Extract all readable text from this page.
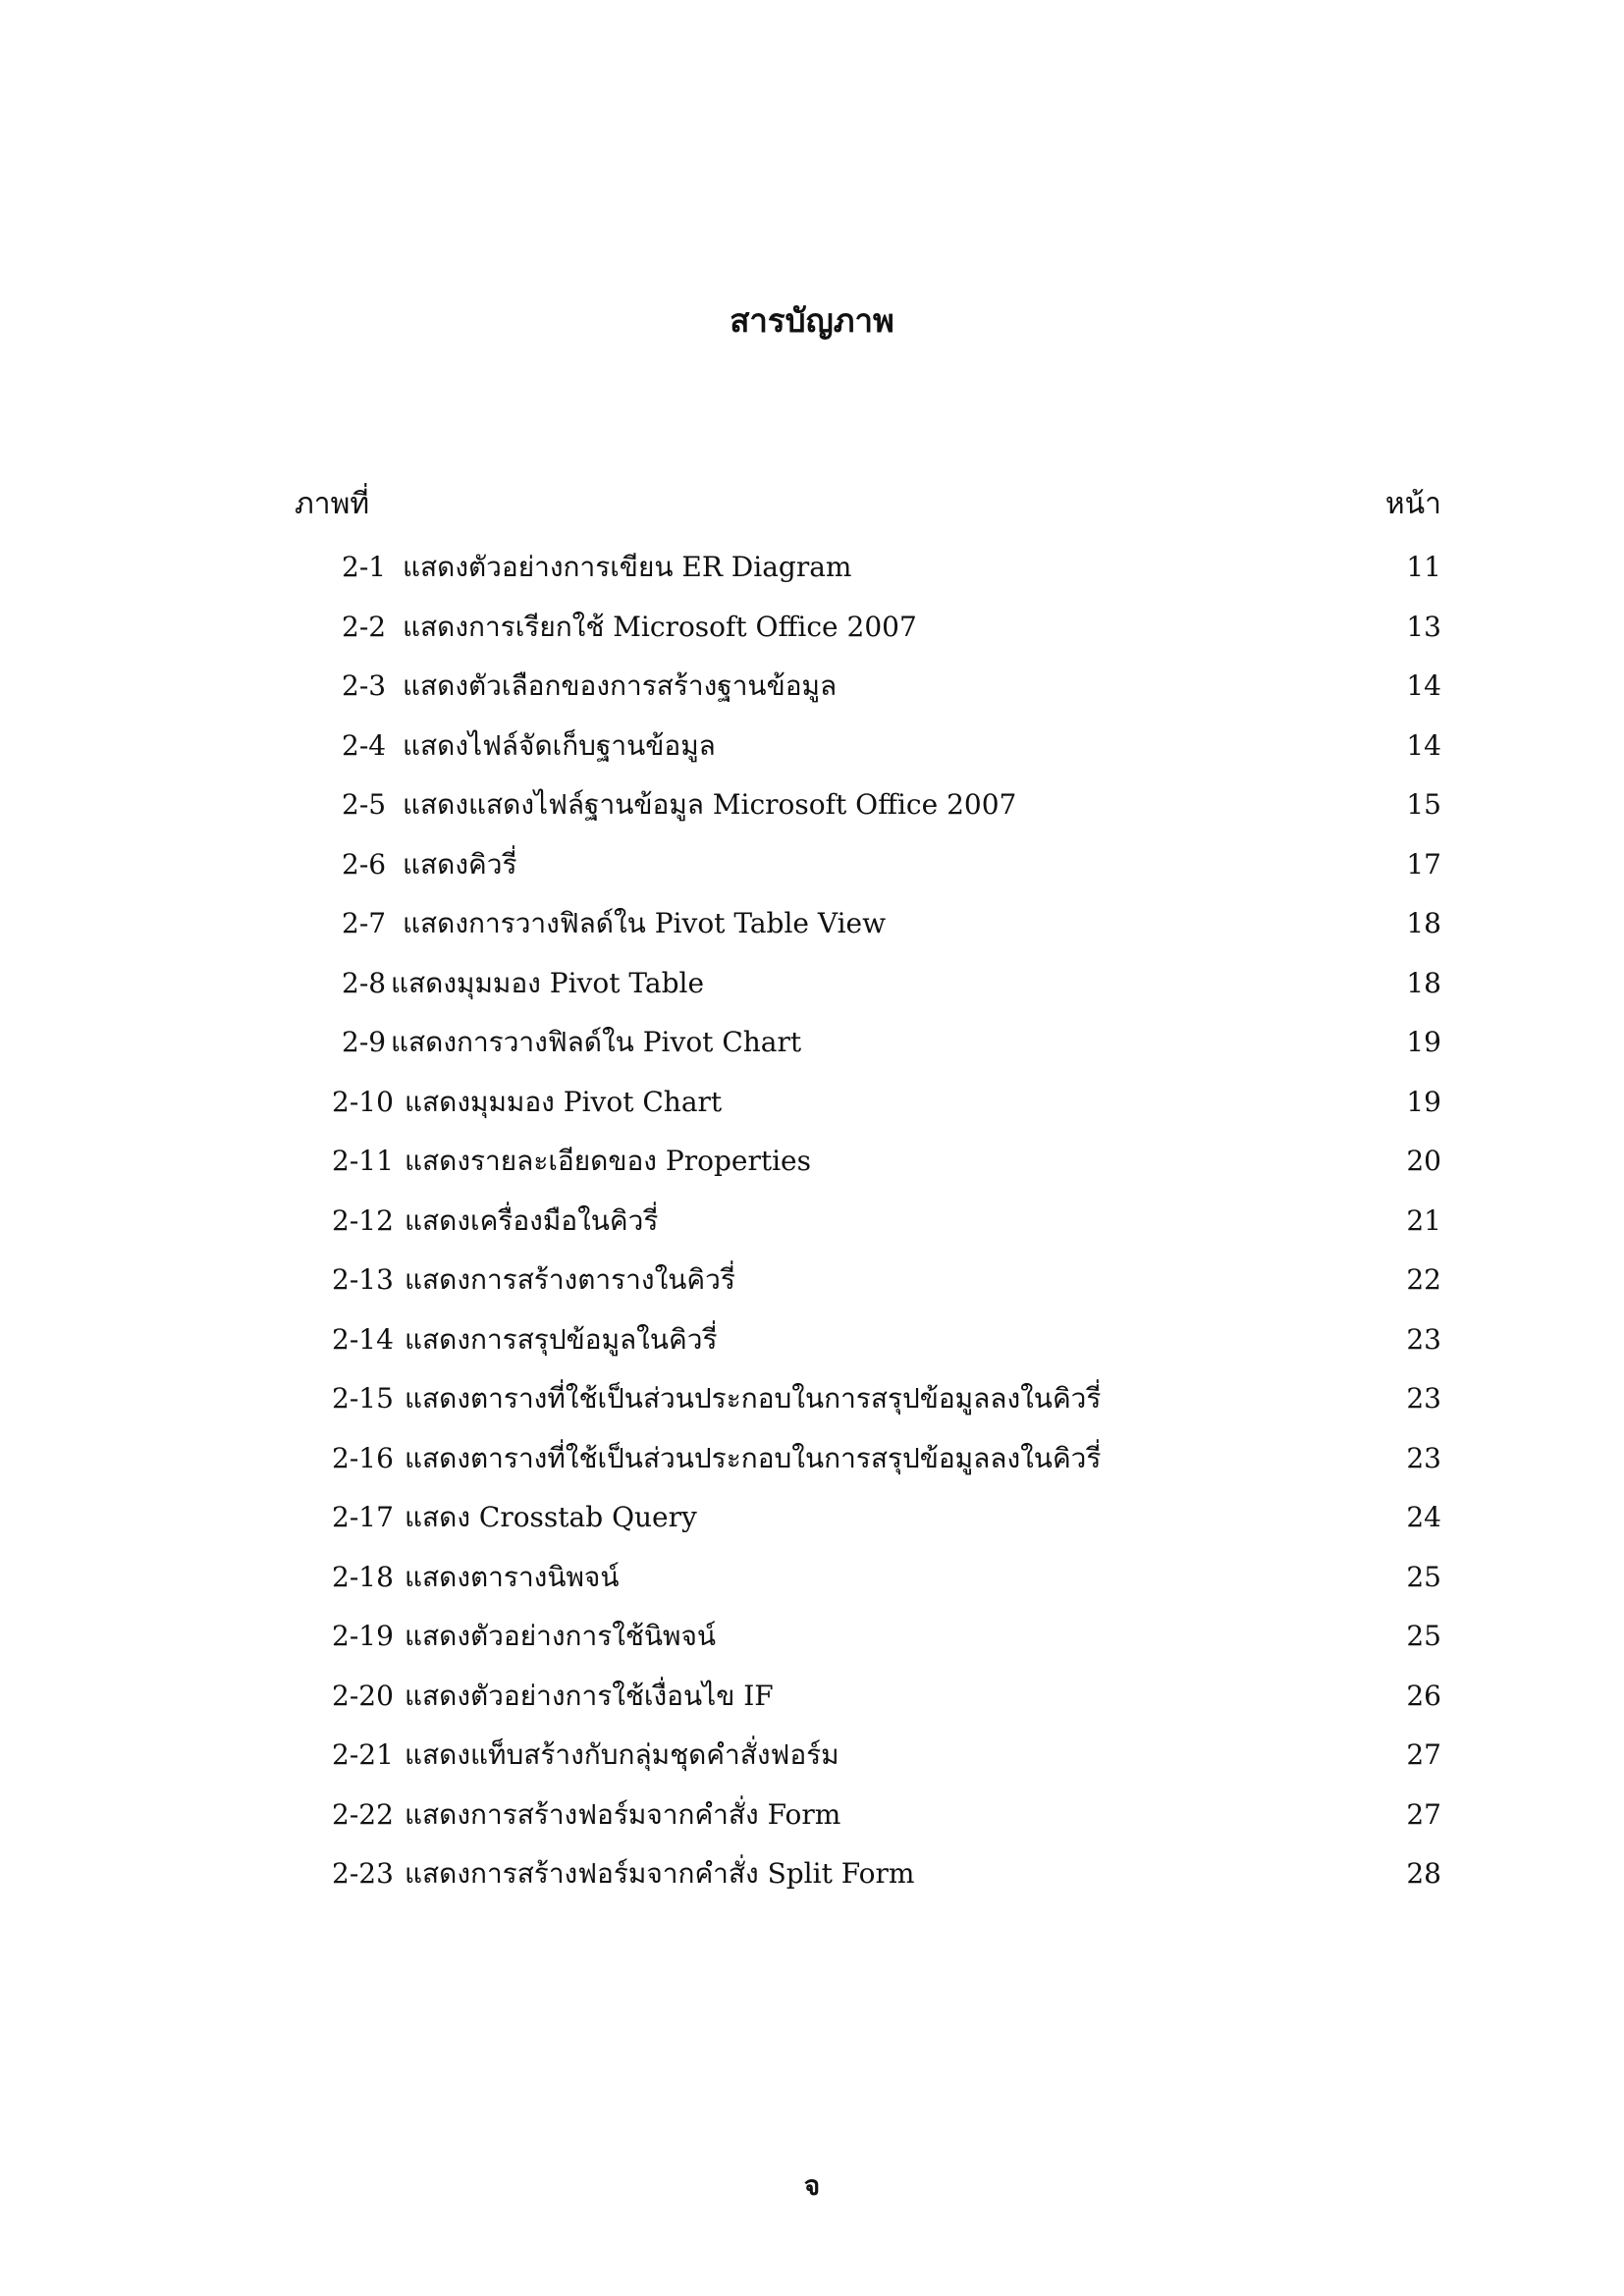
สารบัญภาพ
ภาพที่	หน้า
2-1 แสดงตัวอย่างการเขียน ER Diagram	11
2-2 แสดงการเรียกใช้ Microsoft Office 2007	13
2-3 แสดงตัวเลือกของการสร้างฐานข้อมูล	14
2-4 แสดงไฟล์จัดเก็บฐานข้อมูล	14
2-5 แสดงแสดงไฟล์ฐานข้อมูล Microsoft Office 2007	15
2-6 แสดงคิวรี่	17
2-7 แสดงการวางฟิลด์ใน Pivot Table View	18
2-8 แสดงมุมมอง Pivot Table	18
2-9 แสดงการวางฟิลด์ใน Pivot Chart	19
2-10 แสดงมุมมอง Pivot Chart	19
2-11 แสดงรายละเอียดของ Properties	20
2-12 แสดงเครื่องมือในคิวรี่	21
2-13 แสดงการสร้างตารางในคิวรี่	22
2-14 แสดงการสรุปข้อมูลในคิวรี่	23
2-15 แสดงตารางที่ใช้เป็นส่วนประกอบในการสรุปข้อมูลลงในคิวรี่	23
2-16 แสดงตารางที่ใช้เป็นส่วนประกอบในการสรุปข้อมูลลงในคิวรี่	23
2-17 แสดง Crosstab Query	24
2-18 แสดงตารางนิพจน์	25
2-19 แสดงตัวอย่างการใช้นิพจน์	25
2-20 แสดงตัวอย่างการใช้เงื่อนไข IF	26
2-21 แสดงแท็บสร้างกับกลุ่มชุดคำสั่งฟอร์ม	27
2-22 แสดงการสร้างฟอร์มจากคำสั่ง Form	27
2-23 แสดงการสร้างฟอร์มจากคำสั่ง Split Form	28
จ
